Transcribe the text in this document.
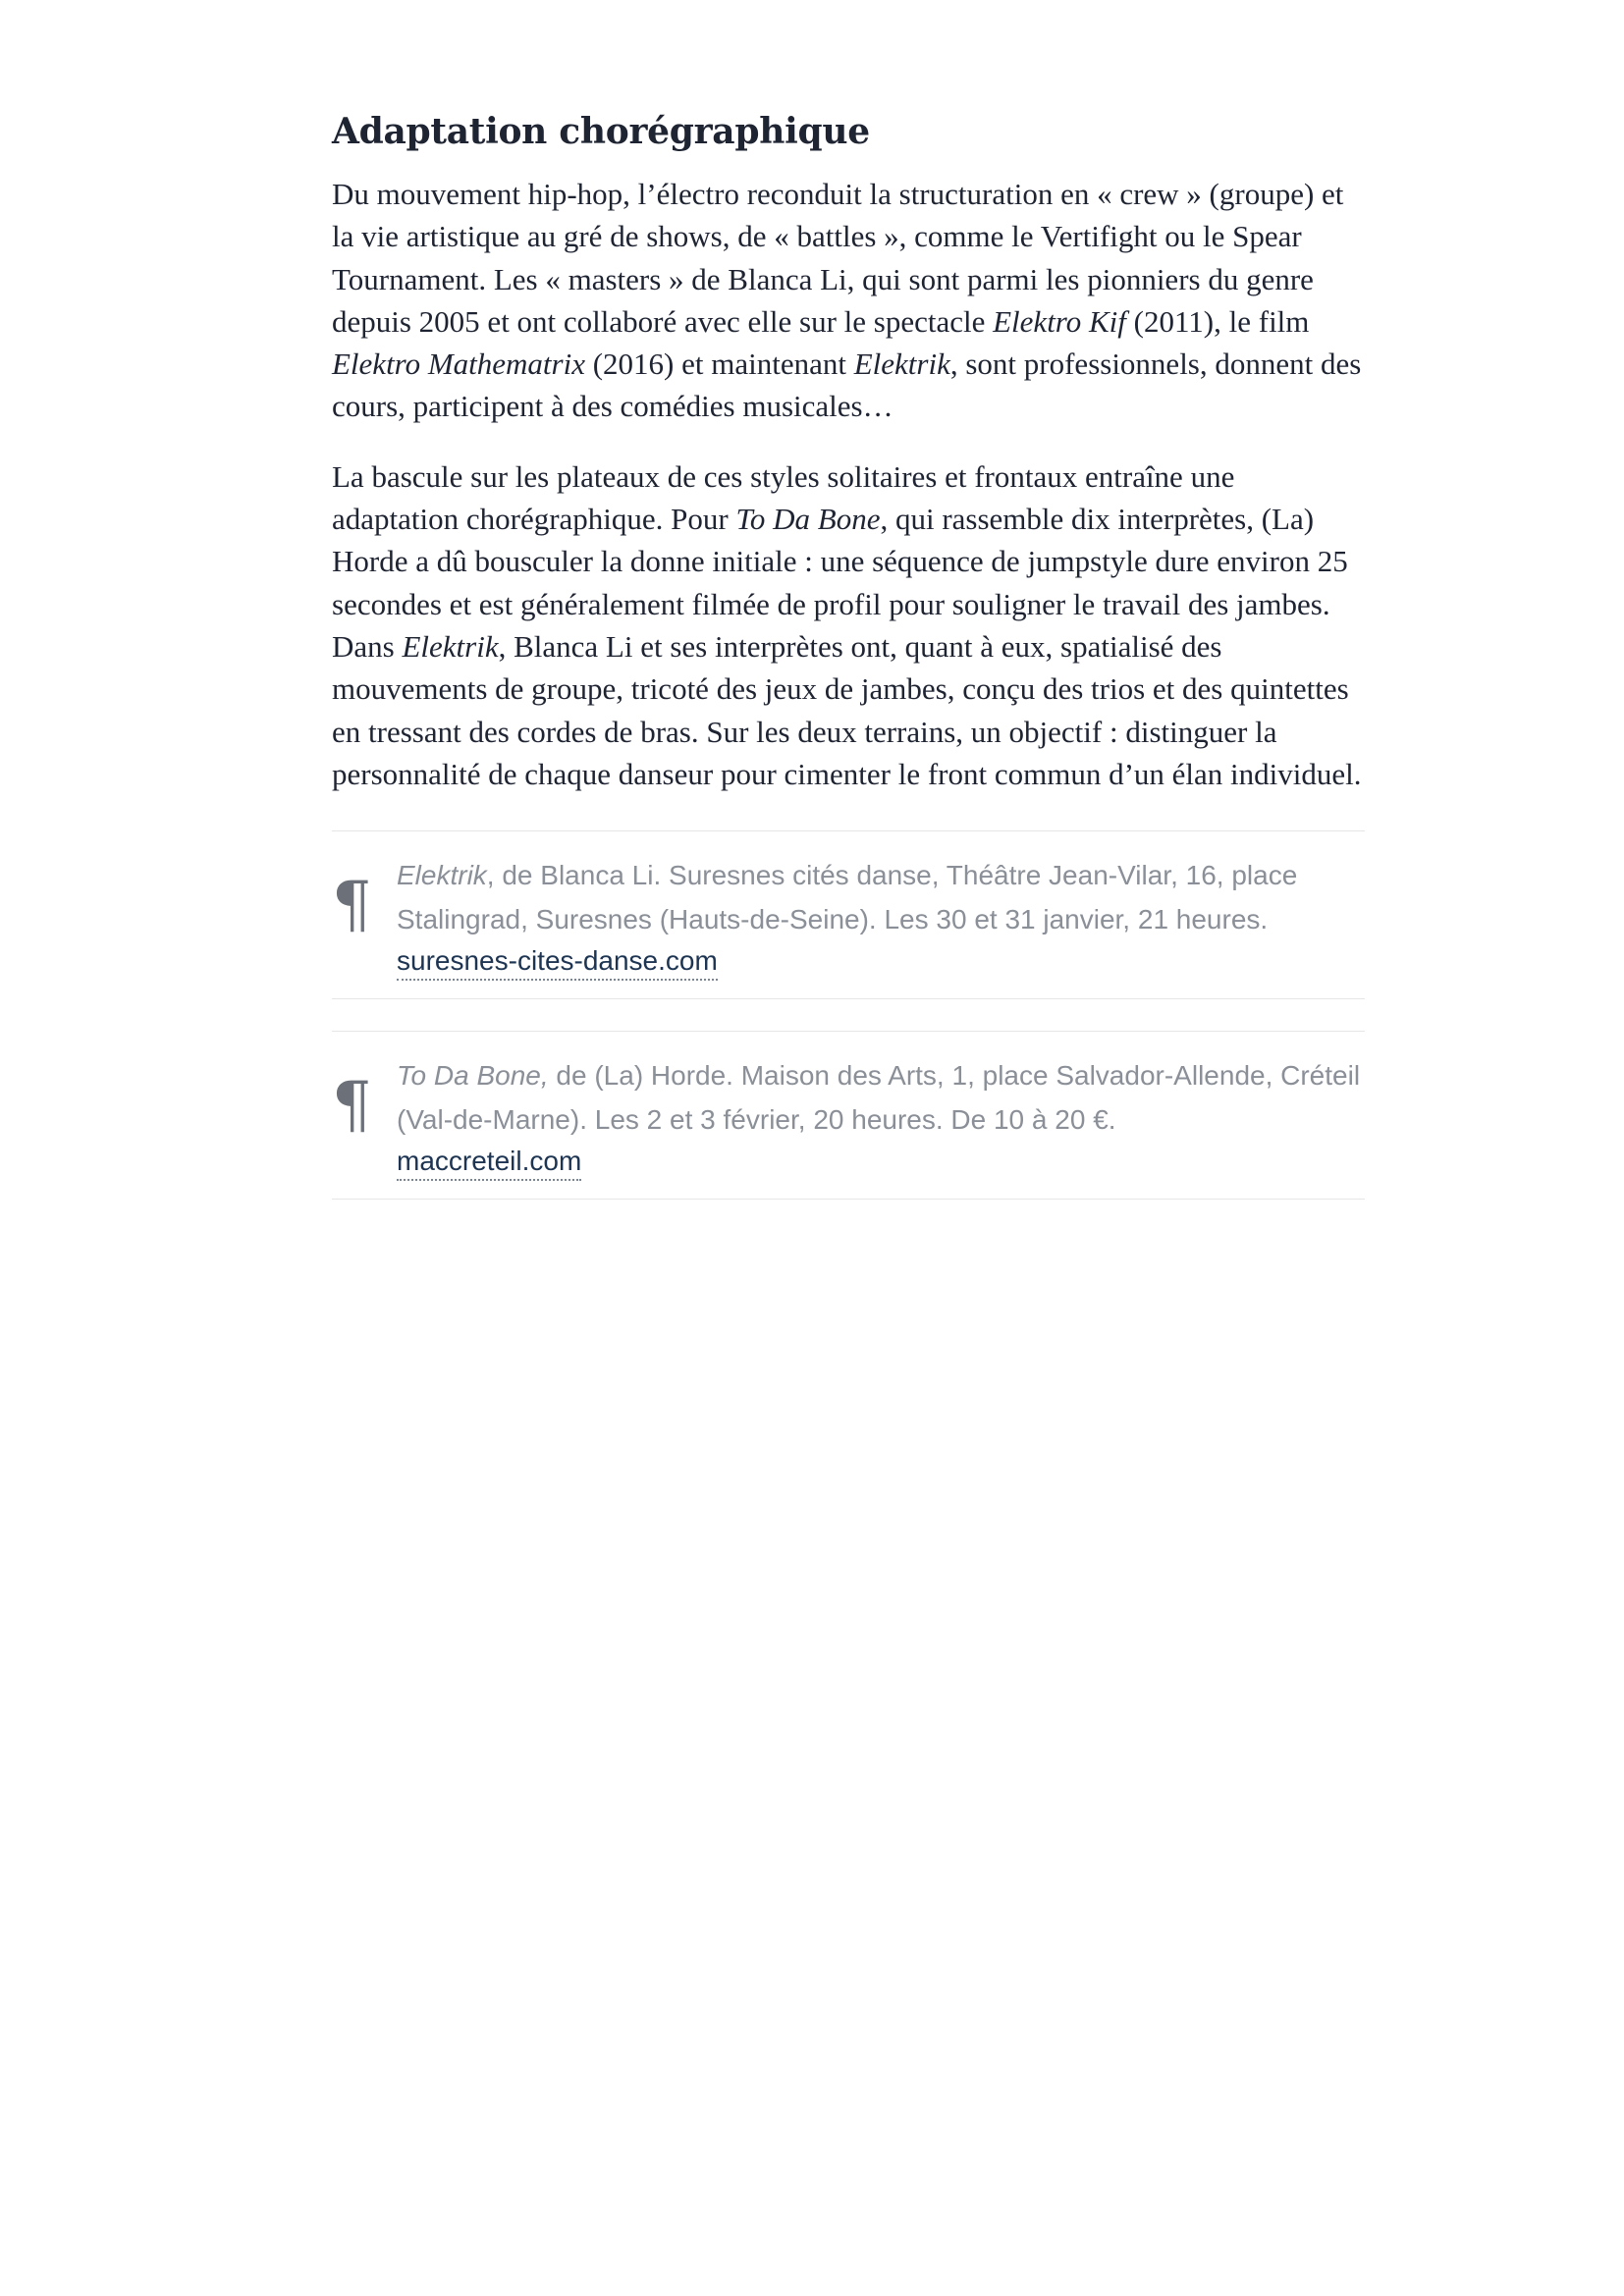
Adaptation chorégraphique

Du mouvement hip-hop, l’électro reconduit la structuration en « crew » (groupe) et la vie artistique au gré de shows, de « battles », comme le Vertifight ou le Spear Tournament. Les « masters » de Blanca Li, qui sont parmi les pionniers du genre depuis 2005 et ont collaboré avec elle sur le spectacle Elektro Kif (2011), le film Elektro Mathematrix (2016) et maintenant Elektrik, sont professionnels, donnent des cours, participent à des comédies musicales…

La bascule sur les plateaux de ces styles solitaires et frontaux entraîne une adaptation chorégraphique. Pour To Da Bone, qui rassemble dix interprètes, (La) Horde a dû bousculer la donne initiale : une séquence de jumpstyle dure environ 25 secondes et est généralement filmée de profil pour souligner le travail des jambes. Dans Elektrik, Blanca Li et ses interprètes ont, quant à eux, spatialisé des mouvements de groupe, tricoté des jeux de jambes, conçu des trios et des quintettes en tressant des cordes de bras. Sur les deux terrains, un objectif : distinguer la personnalité de chaque danseur pour cimenter le front commun d’un élan individuel.

¶ Elektrik, de Blanca Li. Suresnes cités danse, Théâtre Jean-Vilar, 16, place Stalingrad, Suresnes (Hauts-de-Seine). Les 30 et 31 janvier, 21 heures.

suresnes-cites-danse.com
¶ To Da Bone, de (La) Horde. Maison des Arts, 1, place Salvador-Allende, Créteil (Val-de-Marne). Les 2 et 3 février, 20 heures. De 10 à 20 €.

maccreteil.com
